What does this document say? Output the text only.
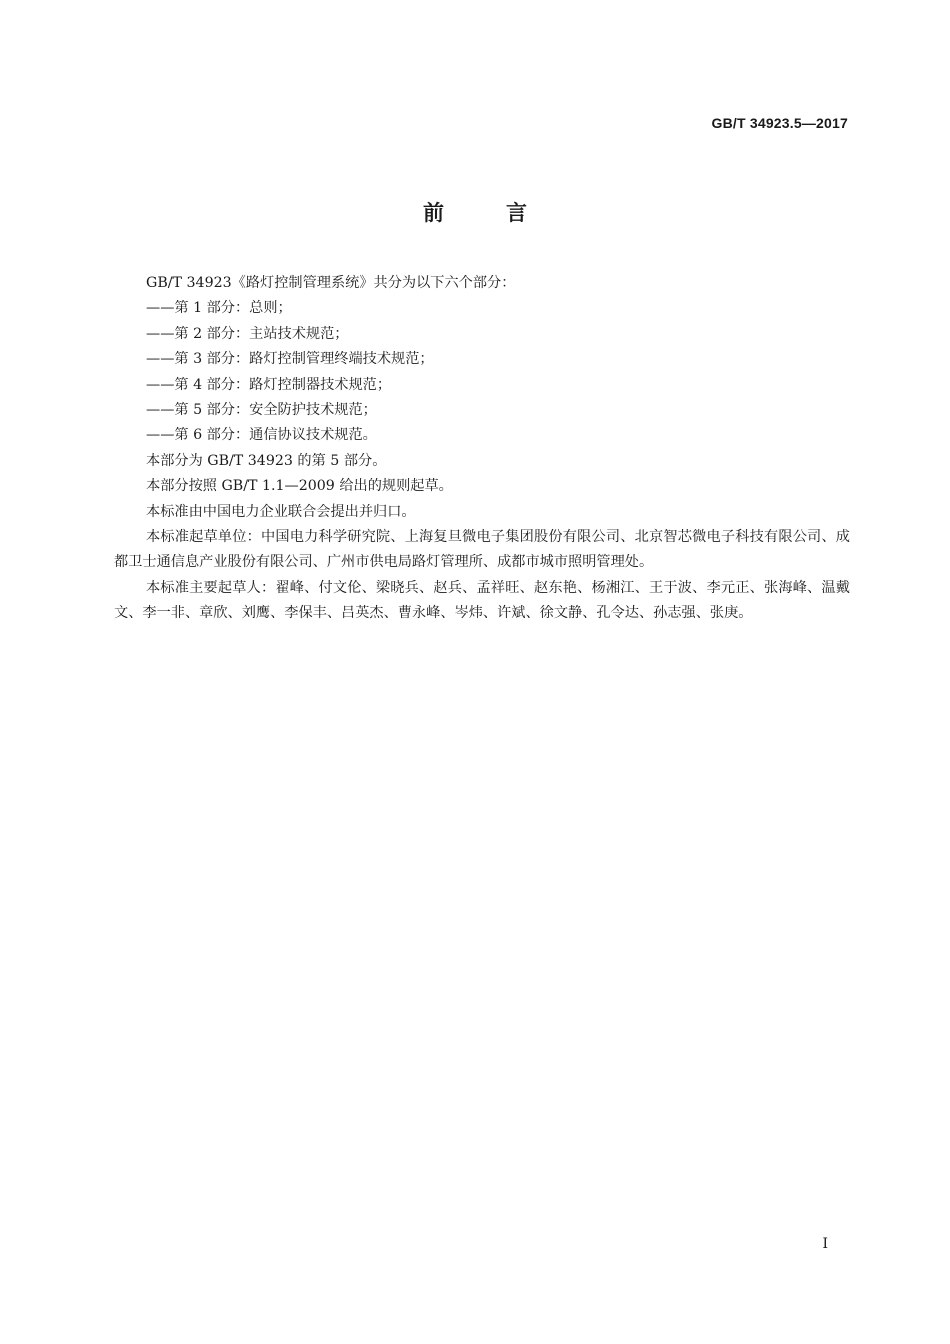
GB/T 34923.5—2017
前	言

GB/T 34923《路灯控制管理系统》共分为以下六个部分：

——第 1 部分：总则；

——第 2 部分：主站技术规范；

——第 3 部分：路灯控制管理终端技术规范；

——第 4 部分：路灯控制器技术规范；

——第 5 部分：安全防护技术规范；

——第 6 部分：通信协议技术规范。

本部分为 GB/T 34923 的第 5 部分。

本部分按照 GB/T 1.1—2009 给出的规则起草。

本标准由中国电力企业联合会提出并归口。

本标准起草单位：中国电力科学研究院、上海复旦微电子集团股份有限公司、北京智芯微电子科技有限公司、成都卫士通信息产业股份有限公司、广州市供电局路灯管理所、成都市城市照明管理处。

本标准主要起草人：翟峰、付文伦、梁晓兵、赵兵、孟祥旺、赵东艳、杨湘江、王于波、李元正、张海峰、温戴文、李一非、章欣、刘鹰、李保丰、吕英杰、曹永峰、岑炜、许斌、徐文静、孔令达、孙志强、张庚。

I
